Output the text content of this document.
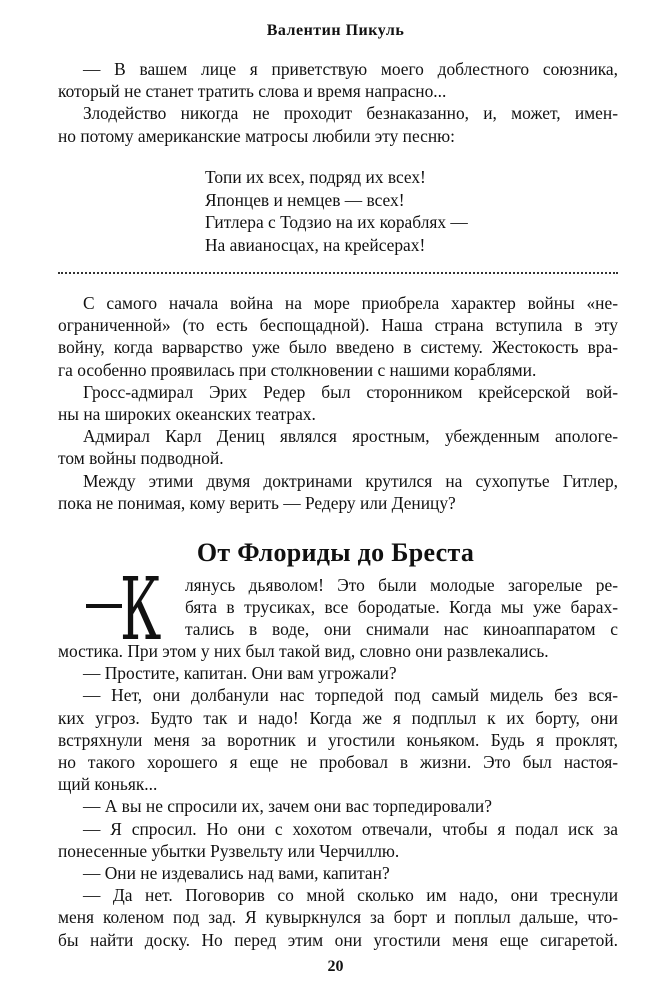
Валентин Пикуль
— В вашем лице я приветствую моего доблестного союзника,
который не станет тратить слова и время напрасно...
Злодейство никогда не проходит безнаказанно, и, может, имен-
но потому американские матросы любили эту песню:
Топи их всех, подряд их всех!
Японцев и немцев — всех!
Гитлера с Тодзио на их кораблях —
На авианосцах, на крейсерах!
С самого начала война на море приобрела характер войны «не-
ограниченной» (то есть беспощадной). Наша страна вступила в эту
войну, когда варварство уже было введено в систему. Жестокость вра-
га особенно проявилась при столкновении с нашими кораблями.
Гросс-адмирал Эрих Редер был сторонником крейсерской вой-
ны на широких океанских театрах.
Адмирал Карл Дениц являлся яростным, убежденным апологе-
том войны подводной.
Между этими двумя доктринами крутился на сухопутье Гитлер,
пока не понимая, кому верить — Редеру или Деницу?
От Флориды до Бреста
К лянусь дьяволом! Это были молодые загорелые ре-
бята в трусиках, все бородатые. Когда мы уже барах-
тались в воде, они снимали нас киноаппаратом с
мостика. При этом у них был такой вид, словно они развлекались.
— Простите, капитан. Они вам угрожали?
— Нет, они долбанули нас торпедой под самый мидель без вся-
ких угроз. Будто так и надо! Когда же я подплыл к их борту, они
встряхнули меня за воротник и угостили коньяком. Будь я проклят,
но такого хорошего я еще не пробовал в жизни. Это был настоя-
щий коньяк...
— А вы не спросили их, зачем они вас торпедировали?
— Я спросил. Но они с хохотом отвечали, чтобы я подал иск за
понесенные убытки Рузвельту или Черчиллю.
— Они не издевались над вами, капитан?
— Да нет. Поговорив со мной сколько им надо, они треснули
меня коленом под зад. Я кувыркнулся за борт и поплыл дальше, что-
бы найти доску. Но перед этим они угостили меня еще сигаретой.
20
